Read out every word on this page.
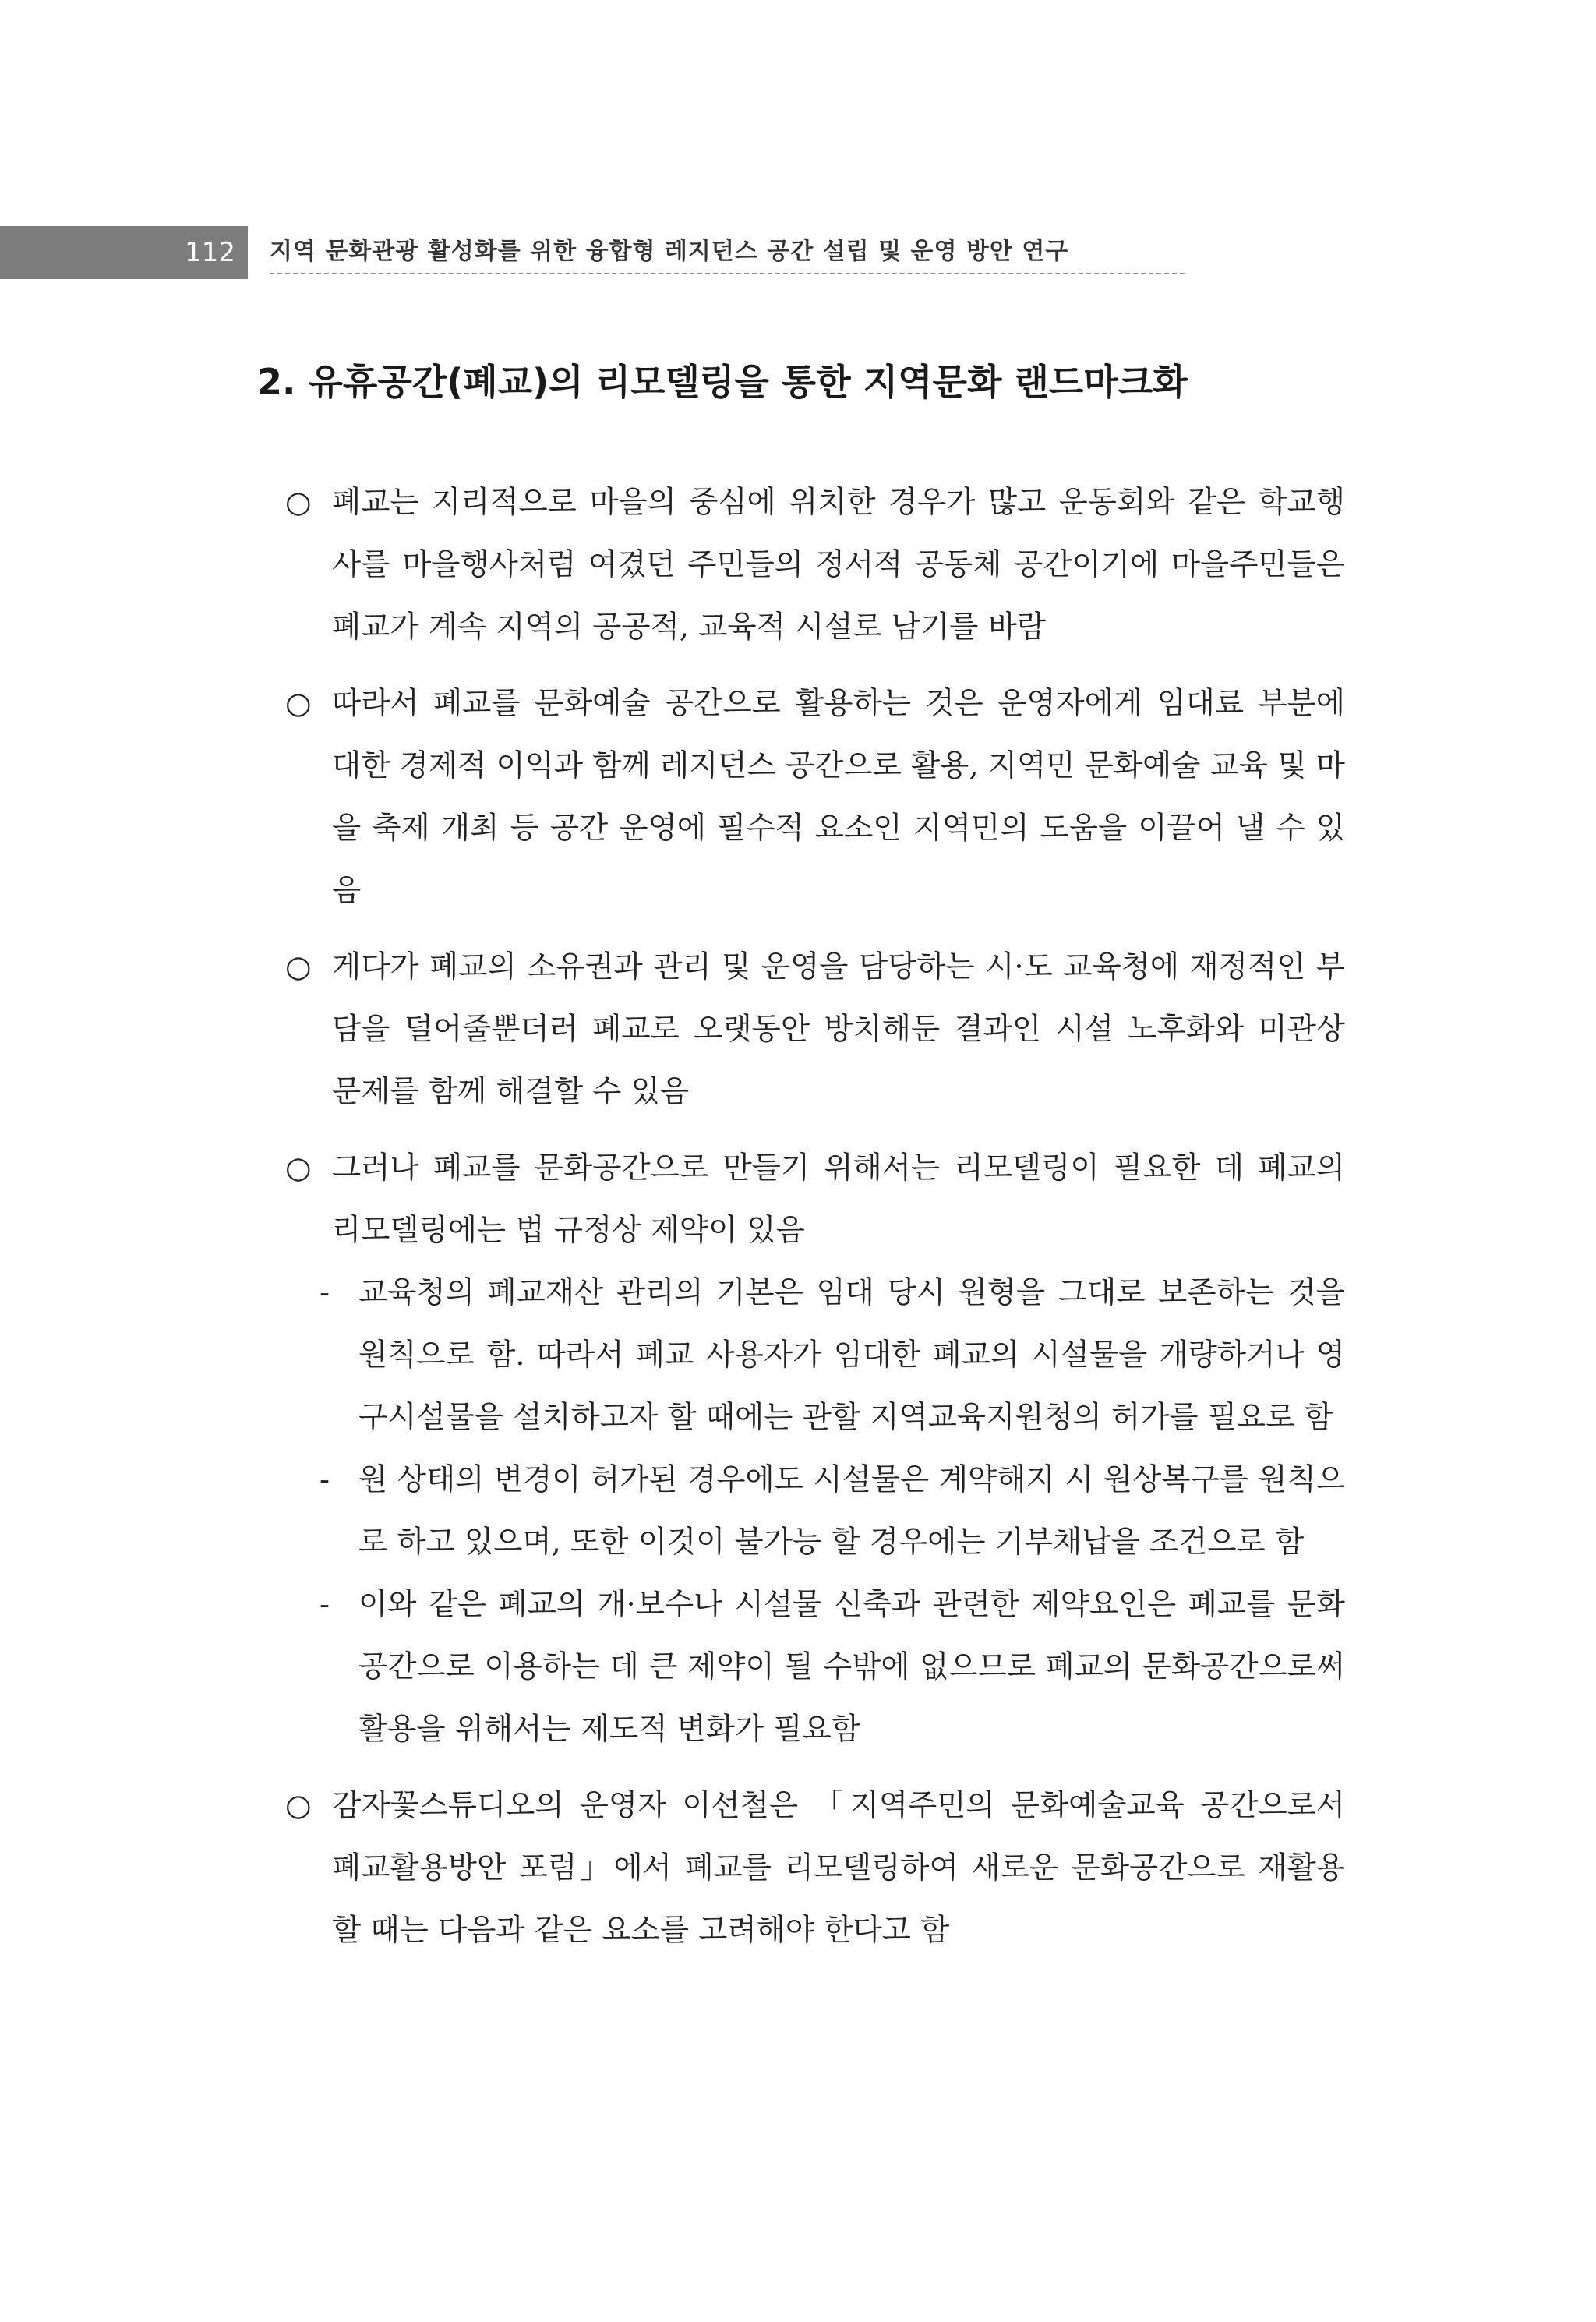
112	지역 문화관광 활성화를 위한 융합형 레지던스 공간 설립 및 운영 방안 연구
2. 유휴공간(폐교)의 리모델링을 통한 지역문화 랜드마크화
○ 폐교는 지리적으로 마을의 중심에 위치한 경우가 많고 운동회와 같은 학교행사를 마을행사처럼 여겼던 주민들의 정서적 공동체 공간이기에 마을주민들은 폐교가 계속 지역의 공공적, 교육적 시설로 남기를 바람
○ 따라서 폐교를 문화예술 공간으로 활용하는 것은 운영자에게 임대료 부분에 대한 경제적 이익과 함께 레지던스 공간으로 활용, 지역민 문화예술 교육 및 마을 축제 개최 등 공간 운영에 필수적 요소인 지역민의 도움을 이끌어 낼 수 있음
○ 게다가 폐교의 소유권과 관리 및 운영을 담당하는 시·도 교육청에 재정적인 부담을 덜어줄뿐더러 폐교로 오랫동안 방치해둔 결과인 시설 노후화와 미관상 문제를 함께 해결할 수 있음
○ 그러나 폐교를 문화공간으로 만들기 위해서는 리모델링이 필요한 데 폐교의 리모델링에는 법 규정상 제약이 있음
- 교육청의 폐교재산 관리의 기본은 임대 당시 원형을 그대로 보존하는 것을 원칙으로 함. 따라서 폐교 사용자가 임대한 폐교의 시설물을 개량하거나 영구시설물을 설치하고자 할 때에는 관할 지역교육지원청의 허가를 필요로 함
- 원 상태의 변경이 허가된 경우에도 시설물은 계약해지 시 원상복구를 원칙으로 하고 있으며, 또한 이것이 불가능 할 경우에는 기부채납을 조건으로 함
- 이와 같은 폐교의 개·보수나 시설물 신축과 관련한 제약요인은 폐교를 문화공간으로 이용하는 데 큰 제약이 될 수밖에 없으므로 폐교의 문화공간으로써 활용을 위해서는 제도적 변화가 필요함
○ 감자꽃스튜디오의 운영자 이선철은 「지역주민의 문화예술교육 공간으로서 폐교활용방안 포럼」에서 폐교를 리모델링하여 새로운 문화공간으로 재활용할 때는 다음과 같은 요소를 고려해야 한다고 함
